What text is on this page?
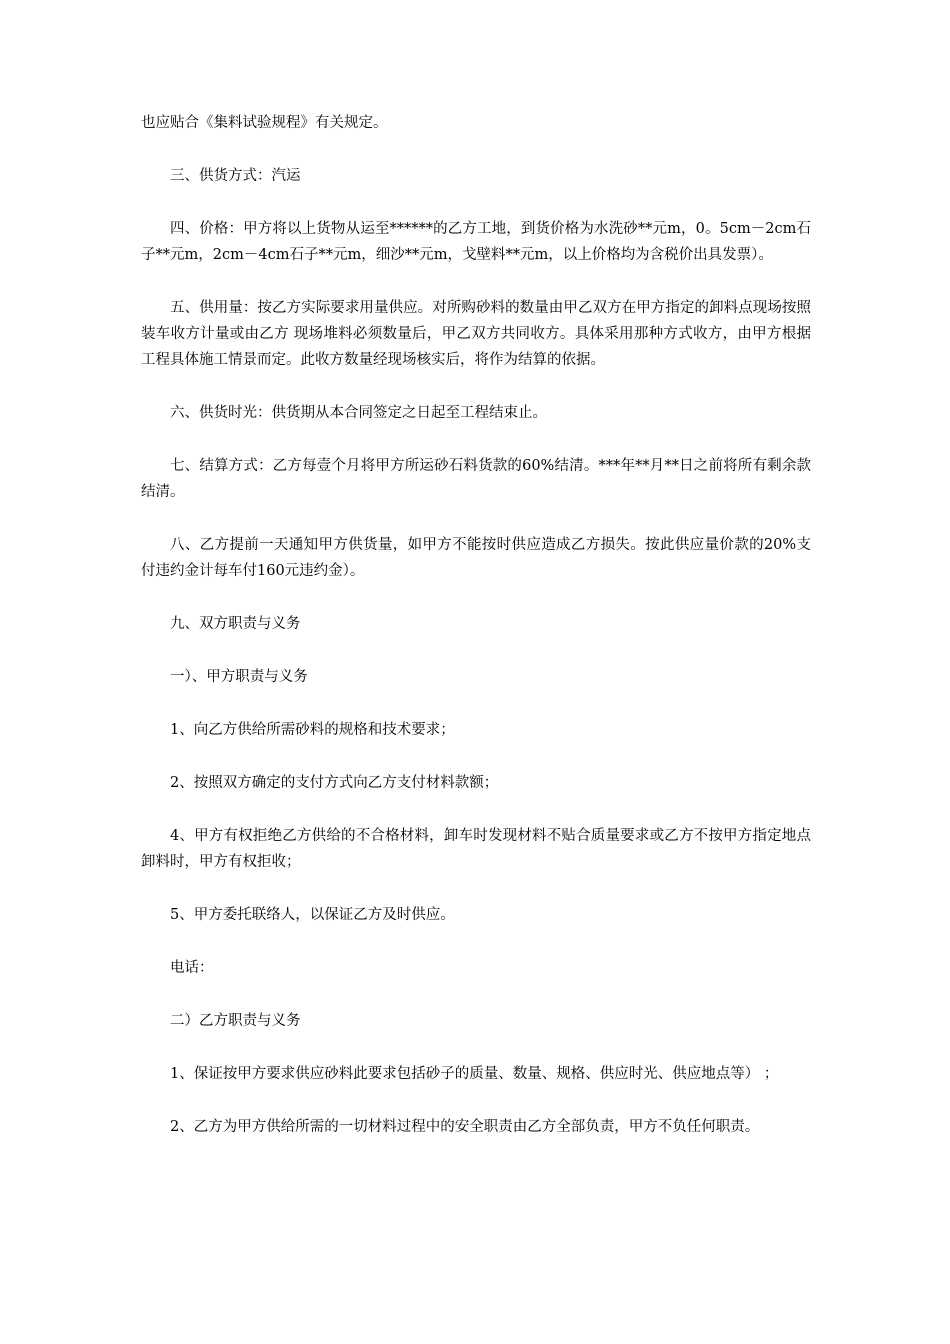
也应贴合《集料试验规程》有关规定。

三、供货方式：汽运

四、价格：甲方将以上货物从运至******的乙方工地，到货价格为水洗砂**元m，0。5cm－2cm石子**元m，2cm－4cm石子**元m，细沙**元m，戈壁料**元m，以上价格均为含税价出具发票）。

五、供用量：按乙方实际要求用量供应。对所购砂料的数量由甲乙双方在甲方指定的卸料点现场按照装车收方计量或由乙方 现场堆料必须数量后，甲乙双方共同收方。具体采用那种方式收方，由甲方根据工程具体施工情景而定。此收方数量经现场核实后，将作为结算的依据。

六、供货时光：供货期从本合同签定之日起至工程结束止。

七、结算方式：乙方每壹个月将甲方所运砂石料货款的60%结清。***年**月**日之前将所有剩余款结清。

八、乙方提前一天通知甲方供货量，如甲方不能按时供应造成乙方损失。按此供应量价款的20%支付违约金计每车付160元违约金）。

九、双方职责与义务

一）、甲方职责与义务

1、向乙方供给所需砂料的规格和技术要求；

2、按照双方确定的支付方式向乙方支付材料款额；

4、甲方有权拒绝乙方供给的不合格材料，卸车时发现材料不贴合质量要求或乙方不按甲方指定地点卸料时，甲方有权拒收；

5、甲方委托联络人，以保证乙方及时供应。

电话：

二）乙方职责与义务

1、保证按甲方要求供应砂料此要求包括砂子的质量、数量、规格、供应时光、供应地点等） ；

2、乙方为甲方供给所需的一切材料过程中的安全职责由乙方全部负责，甲方不负任何职责。
